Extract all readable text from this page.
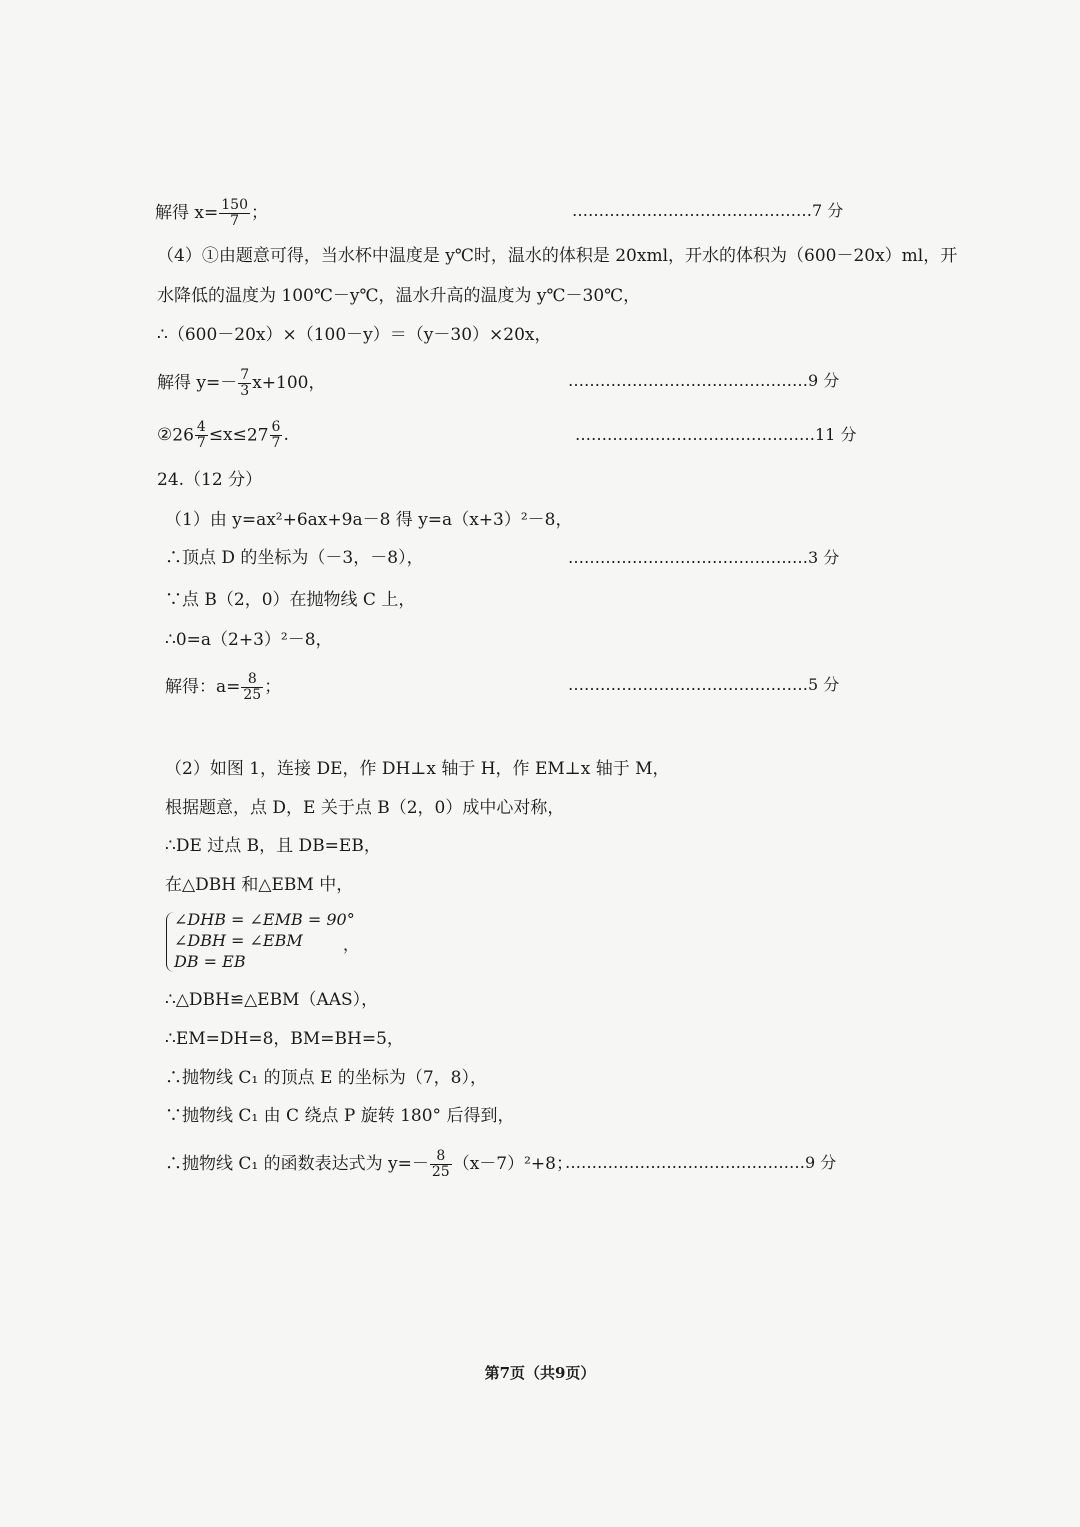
解得 $x= \frac{150}{7}$ ；	………………………………………7 分
（4）①由题意可得，当水杯中温度是 y℃时，温水的体积是 20xml，开水的体积为（600－20x）ml，开
水降低的温度为 100℃－y℃，温水升高的温度为 y℃－30℃，
∴（600－20x）×（100－y）＝（y－30）×20x，
解得 $y=- \frac{7}{3} x+100$，	………………………………………9 分
②26 $\frac{4}{7} \le x\le 27 \frac{6}{7}$ .	………………………………………11 分
24.（12 分）
（1）由 y=ax²+6ax+9a－8 得 y=a（x+3）²－8，
∴顶点 D 的坐标为（－3，－8），	………………………………………3 分
∵点 B（2，0）在抛物线 C 上，
∴0=a（2+3）²－8，
解得：$a= \frac{8}{25}$ ；	………………………………………5 分
（2）如图 1，连接 DE，作 DH⊥x 轴于 H，作 EM⊥x 轴于 M，
根据题意，点 D，E 关于点 B（2，0）成中心对称，
∴DE 过点 B，且 DB=EB，
在△DBH 和△EBM 中，
∠DHB = ∠EMB = 90°
∠DBH = ∠EBM
DB = EB
，
∴△DBH≌△EBM（AAS），
∴EM=DH=8，BM=BH=5，
∴抛物线 C₁ 的顶点 E 的坐标为（7，8），
∵抛物线 C₁ 由 C 绕点 P 旋转 180° 后得到，
∴抛物线 C₁ 的函数表达式为 $y=- \frac{8}{25} (x-7)^2+8$；
………………………………………9 分
第7页（共9页）
